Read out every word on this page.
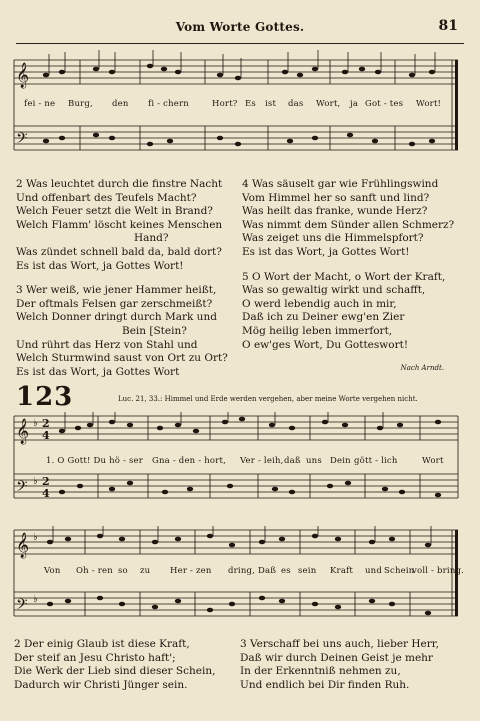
Vom Worte Gottes.	81
𝄞
𝄢
fei - ne Burg, den fi - chern	Hort? Es ist das Wort, ja Got - tes Wort!

2 Was leuchtet durch die finstre Nacht

Und offenbart des Teufels Macht?

Welch Feuer setzt die Welt in Brand?

Welch Flamm' löscht keines Menschen

Hand?

Was zündet schnell bald da, bald dort?

Es ist das Wort, ja Gottes Wort!

3 Wer weiß, wie jener Hammer heißt,

Der oftmals Felsen gar zerschmeißt?

Welch Donner dringt durch Mark und

Bein [Stein?

Und rührt das Herz von Stahl und

Welch Sturmwind saust von Ort zu Ort?

Es ist das Wort, ja Gottes Wort

4 Was säuselt gar wie Frühlingswind

Vom Himmel her so sanft und lind?

Was heilt das franke, wunde Herz?

Was nimmt dem Sünder allen Schmerz?

Was zeiget uns die Himmelspfort?

Es ist das Wort, ja Gottes Wort!

5 O Wort der Macht, o Wort der Kraft,

Was so gewaltig wirkt und schafft,

O werd lebendig auch in mir,

Daß ich zu Deiner ewg'en Zier

Mög heilig leben immerfort,

O ew'ges Wort, Du Gotteswort!

Nach Arndt.
123	Luc. 21, 33.: Himmel und Erde werden vergehen, aber meine Worte vergehen nicht.
𝄞
𝄢
♭
♭
2
4
2
4
1. O Gott! Du hö - ser Gna - den - hort, Ver - leih, daß uns Dein gött - lich	Wort
𝄞
𝄢
♭
♭
Von Oh - ren so zu Her - zen dring, Daß es sein Kraft und Schein
voll - bring.

2 Der einig Glaub ist diese Kraft,

Der steif an Jesu Christo haft';

Die Werk der Lieb sind dieser Schein,

Dadurch wir Christi Jünger sein.

3 Verschaff bei uns auch, lieber Herr,

Daß wir durch Deinen Geist je mehr

In der Erkenntniß nehmen zu,

Und endlich bei Dir finden Ruh.
